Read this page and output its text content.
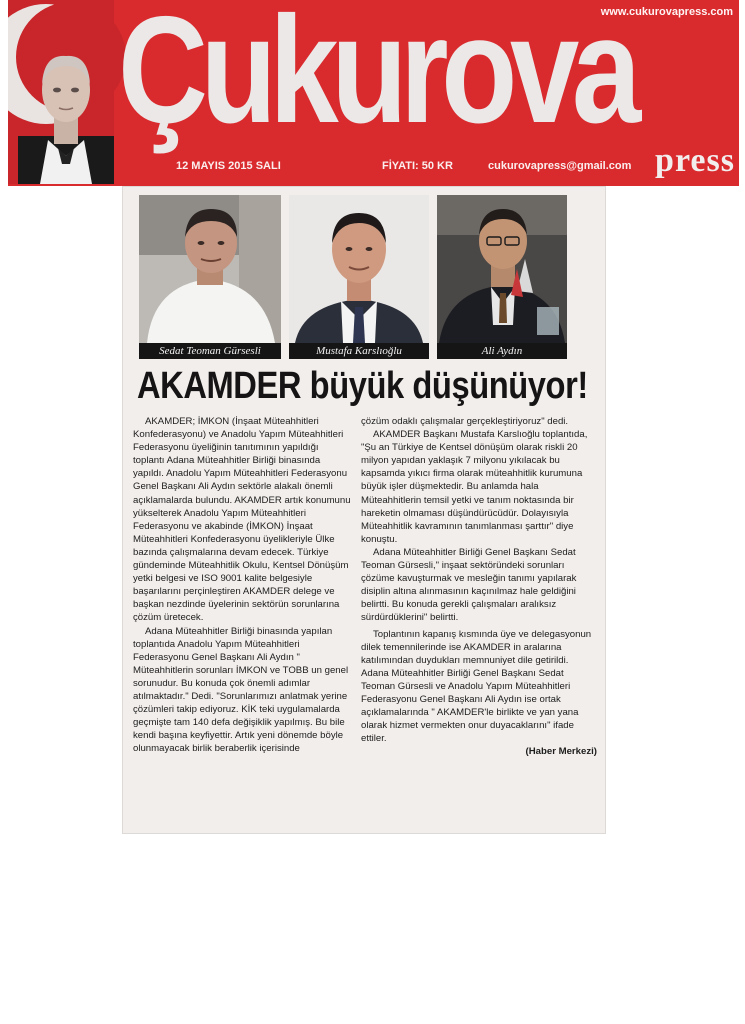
www.cukurovapress.com
Çukurova
12 MAYIS 2015 SALI	FİYATI: 50 KR	cukurovapress@gmail.com press
Sedat Teoman Gürsesli	Mustafa Karslıoğlu	Ali Aydın
AKAMDER büyük düşünüyor!

AKAMDER; İMKON (İnşaat Müteahhitleri Konfederasyonu) ve Anadolu Yapım Müteahhitleri Federasyonu üyeliğinin tanıtımının yapıldığı toplantı Adana Müteahhitler Birliği binasında yapıldı. Anadolu Yapım Müteahhitleri Federasyonu Genel Başkanı Ali Aydın sektörle alakalı önemli açıklamalarda bulundu. AKAMDER artık konumunu yükselterek Anadolu Yapım Müteahhitleri Federasyonu ve akabinde (İMKON) İnşaat Müteahhitleri Konfederasyonu üyelikleriyle Ülke bazında çalışmalarına devam edecek. Türkiye gündeminde Müteahhitlik Okulu, Kentsel Dönüşüm yetki belgesi ve ISO 9001 kalite belgesiyle başarılarını perçinleştiren AKAMDER delege ve başkan nezdinde üyelerinin sektörün sorunlarına çözüm üretecek.

Adana Müteahhitler Birliği binasında yapılan toplantıda Anadolu Yapım Müteahhitleri Federasyonu Genel Başkanı Ali Aydın " Müteahhitlerin sorunları İMKON ve TOBB un genel sorunudur. Bu konuda çok önemli adımlar atılmaktadır." Dedi. "Sorunlarımızı anlatmak yerine çözümleri takip ediyoruz. KİK teki uygulamalarda geçmişte tam 140 defa değişiklik yapılmış. Bu bile kendi başına keyfiyettir. Artık yeni dönemde böyle olunmayacak birlik beraberlik içerisinde

çözüm odaklı çalışmalar gerçekleştiriyoruz" dedi.

AKAMDER Başkanı Mustafa Karslıoğlu toplantıda, "Şu an Türkiye de Kentsel dönüşüm olarak riskli 20 milyon yapıdan yaklaşık 7 milyonu yıkılacak bu kapsamda yıkıcı firma olarak müteahhitlik kurumuna büyük işler düşmektedir. Bu anlamda hala Müteahhitlerin temsil yetki ve tanım noktasında bir hareketin olmaması düşündürücüdür. Dolayısıyla Müteahhitlik kavramının tanımlanması şarttır" diye konuştu.

Adana Müteahhitler Birliği Genel Başkanı Sedat Teoman Gürsesli," inşaat sektöründeki sorunları çözüme kavuşturmak ve mesleğin tanımı yapılarak disiplin altına alınmasının kaçınılmaz hale geldiğini belirtti. Bu konuda gerekli çalışmaları aralıksız sürdürdüklerini" belirtti.

Toplantının kapanış kısmında üye ve delegasyonun dilek temennilerinde ise AKAMDER in aralarına katılımından duydukları memnuniyet dile getirildi. Adana Müteahhitler Birliği Genel Başkanı Sedat Teoman Gürsesli ve Anadolu Yapım Müteahhitleri Federasyonu Genel Başkanı Ali Aydın ise ortak açıklamalarında " AKAMDER'le birlikte ve yan yana olarak hizmet vermekten onur duyacaklarını" ifade ettiler.

(Haber Merkezi)
